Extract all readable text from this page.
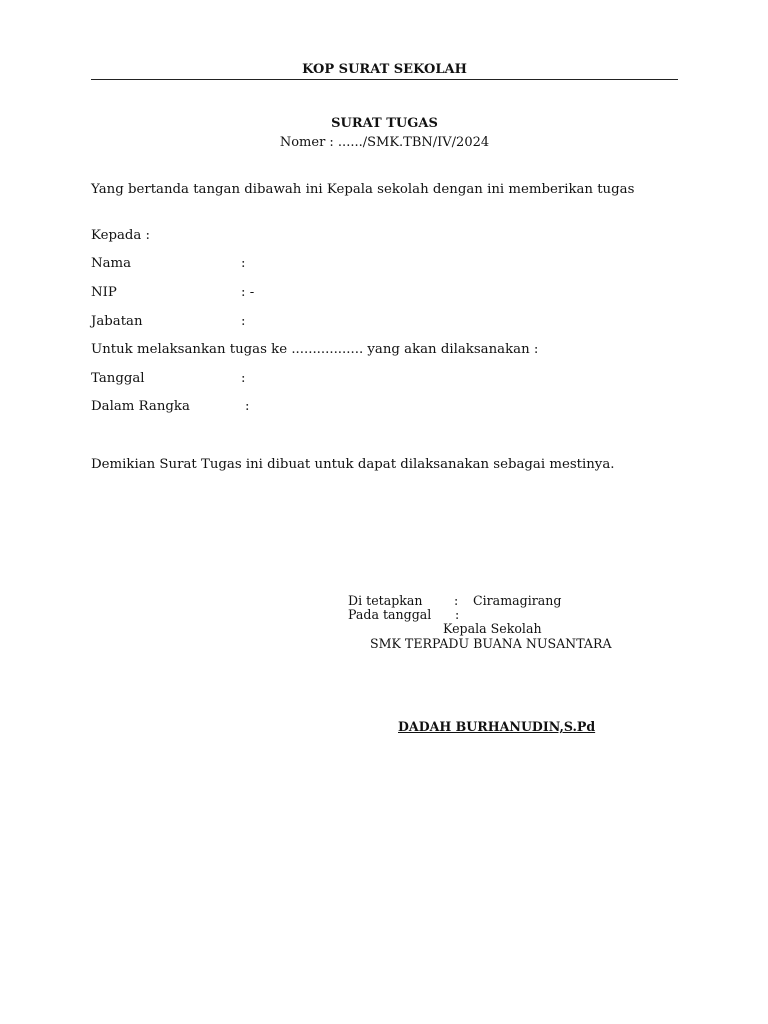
KOP SURAT SEKOLAH
SURAT TUGAS
Nomer : ....../SMK.TBN/IV/2024
Yang bertanda tangan dibawah ini Kepala sekolah dengan ini memberikan tugas
Kepada :
Nama	:
NIP	: -
Jabatan	:
Untuk melaksankan tugas ke ................. yang akan dilaksanakan :
Tanggal	:
Dalam Rangka	:
Demikian Surat Tugas ini dibuat untuk dapat dilaksanakan sebagai mestinya.
Di tetapkan : Ciramagirang
Pada tanggal :
Kepala Sekolah
SMK TERPADU BUANA NUSANTARA
DADAH BURHANUDIN,S.Pd
